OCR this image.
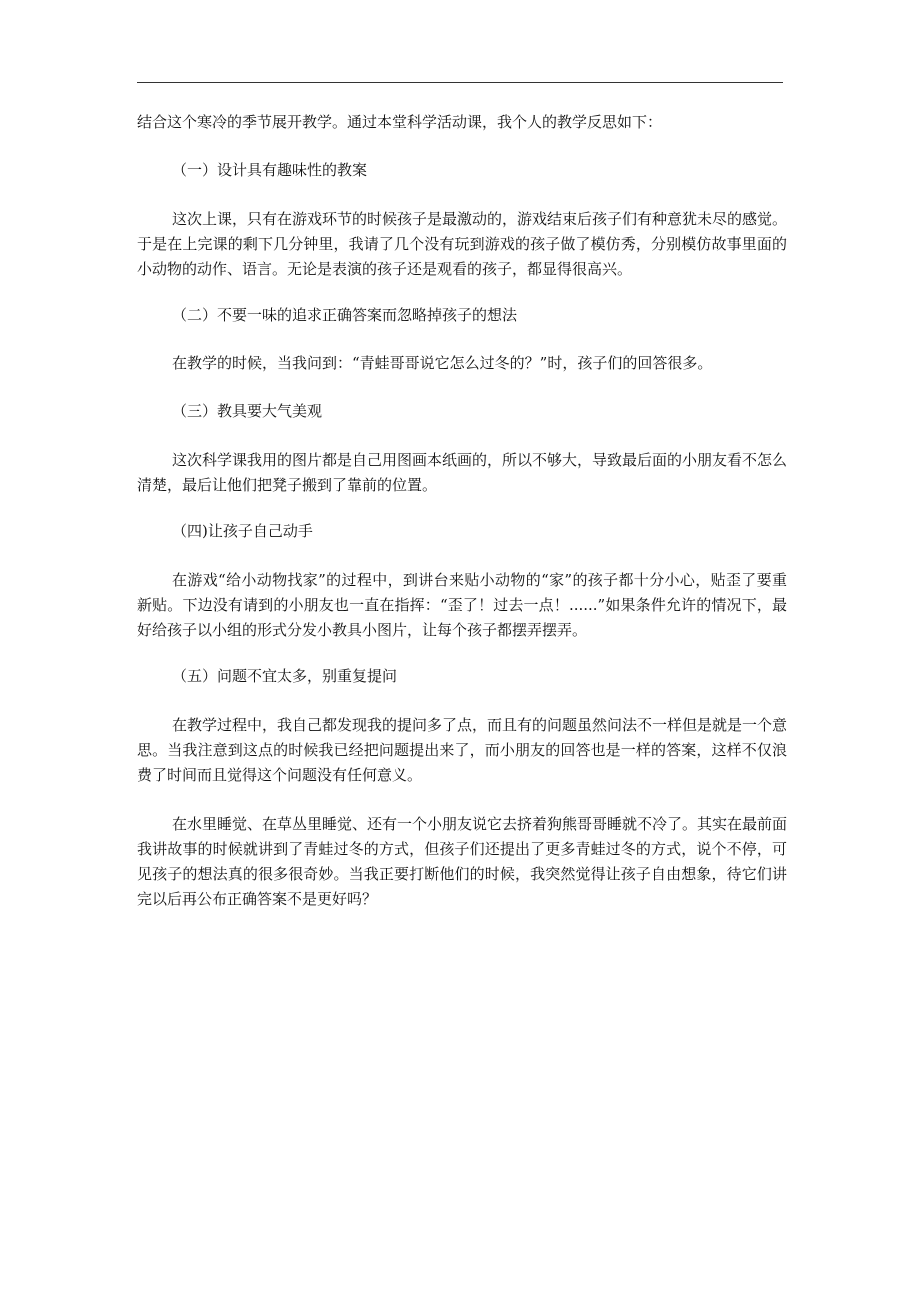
结合这个寒冷的季节展开教学。通过本堂科学活动课，我个人的教学反思如下：

（一）设计具有趣味性的教案

这次上课，只有在游戏环节的时候孩子是最激动的，游戏结束后孩子们有种意犹未尽的感觉。于是在上完课的剩下几分钟里，我请了几个没有玩到游戏的孩子做了模仿秀，分别模仿故事里面的小动物的动作、语言。无论是表演的孩子还是观看的孩子，都显得很高兴。

（二）不要一味的追求正确答案而忽略掉孩子的想法

在教学的时候，当我问到：“青蛙哥哥说它怎么过冬的？”时，孩子们的回答很多。

（三）教具要大气美观

这次科学课我用的图片都是自己用图画本纸画的，所以不够大，导致最后面的小朋友看不怎么清楚，最后让他们把凳子搬到了靠前的位置。

（四)让孩子自己动手

在游戏“给小动物找家”的过程中，到讲台来贴小动物的“家”的孩子都十分小心，贴歪了要重新贴。下边没有请到的小朋友也一直在指挥：“歪了！过去一点！......”如果条件允许的情况下，最好给孩子以小组的形式分发小教具小图片，让每个孩子都摆弄摆弄。

（五）问题不宜太多，别重复提问

在教学过程中，我自己都发现我的提问多了点，而且有的问题虽然问法不一样但是就是一个意思。当我注意到这点的时候我已经把问题提出来了，而小朋友的回答也是一样的答案，这样不仅浪费了时间而且觉得这个问题没有任何意义。

在水里睡觉、在草丛里睡觉、还有一个小朋友说它去挤着狗熊哥哥睡就不冷了。其实在最前面我讲故事的时候就讲到了青蛙过冬的方式，但孩子们还提出了更多青蛙过冬的方式，说个不停，可见孩子的想法真的很多很奇妙。当我正要打断他们的时候，我突然觉得让孩子自由想象，待它们讲完以后再公布正确答案不是更好吗？
